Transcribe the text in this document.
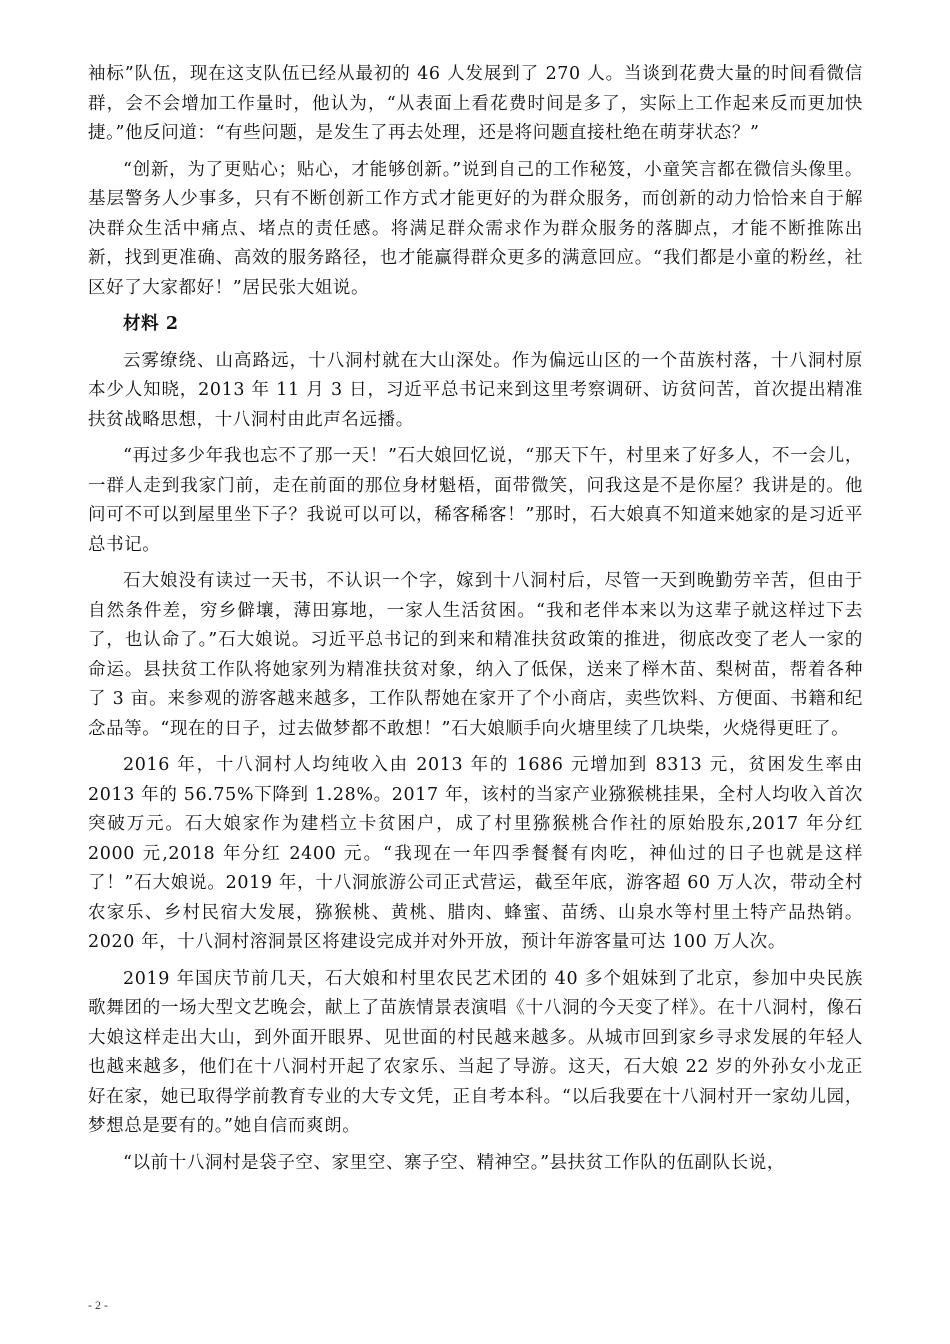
袖标”队伍，现在这支队伍已经从最初的 46 人发展到了 270 人。当谈到花费大量的时间看微信群，会不会增加工作量时，他认为，“从表面上看花费时间是多了，实际上工作起来反而更加快捷。”他反问道：“有些问题，是发生了再去处理，还是将问题直接杜绝在萌芽状态？”

“创新，为了更贴心；贴心，才能够创新。”说到自己的工作秘笈，小童笑言都在微信头像里。基层警务人少事多，只有不断创新工作方式才能更好的为群众服务，而创新的动力恰恰来自于解决群众生活中痛点、堵点的责任感。将满足群众需求作为群众服务的落脚点，才能不断推陈出新，找到更准确、高效的服务路径，也才能赢得群众更多的满意回应。“我们都是小童的粉丝，社区好了大家都好！”居民张大姐说。

材料 2

云雾缭绕、山高路远，十八洞村就在大山深处。作为偏远山区的一个苗族村落，十八洞村原本少人知晓，2013 年 11 月 3 日，习近平总书记来到这里考察调研、访贫问苦，首次提出精准扶贫战略思想，十八洞村由此声名远播。

“再过多少年我也忘不了那一天！”石大娘回忆说，“那天下午，村里来了好多人，不一会儿，一群人走到我家门前，走在前面的那位身材魁梧，面带微笑，问我这是不是你屋？我讲是的。他问可不可以到屋里坐下子？我说可以可以，稀客稀客！”那时，石大娘真不知道来她家的是习近平总书记。

石大娘没有读过一天书，不认识一个字，嫁到十八洞村后，尽管一天到晚勤劳辛苦，但由于自然条件差，穷乡僻壤，薄田寡地，一家人生活贫困。“我和老伴本来以为这辈子就这样过下去了，也认命了。”石大娘说。习近平总书记的到来和精准扶贫政策的推进，彻底改变了老人一家的命运。县扶贫工作队将她家列为精准扶贫对象，纳入了低保，送来了榉木苗、梨树苗，帮着各种了 3 亩。来参观的游客越来越多，工作队帮她在家开了个小商店，卖些饮料、方便面、书籍和纪念品等。“现在的日子，过去做梦都不敢想！”石大娘顺手向火塘里续了几块柴，火烧得更旺了。

2016 年，十八洞村人均纯收入由 2013 年的 1686 元增加到 8313 元，贫困发生率由 2013 年的 56.75%下降到 1.28%。2017 年，该村的当家产业猕猴桃挂果，全村人均收入首次突破万元。石大娘家作为建档立卡贫困户，成了村里猕猴桃合作社的原始股东,2017 年分红 2000 元,2018 年分红 2400 元。“我现在一年四季餐餐有肉吃，神仙过的日子也就是这样了！”石大娘说。2019 年，十八洞旅游公司正式营运，截至年底，游客超 60 万人次，带动全村农家乐、乡村民宿大发展，猕猴桃、黄桃、腊肉、蜂蜜、苗绣、山泉水等村里土特产品热销。2020 年，十八洞村溶洞景区将建设完成并对外开放，预计年游客量可达 100 万人次。

2019 年国庆节前几天，石大娘和村里农民艺术团的 40 多个姐妹到了北京，参加中央民族歌舞团的一场大型文艺晚会，献上了苗族情景表演唱《十八洞的今天变了样》。在十八洞村，像石大娘这样走出大山，到外面开眼界、见世面的村民越来越多。从城市回到家乡寻求发展的年轻人也越来越多，他们在十八洞村开起了农家乐、当起了导游。这天，石大娘 22 岁的外孙女小龙正好在家，她已取得学前教育专业的大专文凭，正自考本科。“以后我要在十八洞村开一家幼儿园，梦想总是要有的。”她自信而爽朗。

“以前十八洞村是袋子空、家里空、寨子空、精神空。”县扶贫工作队的伍副队长说，

- 2 -
